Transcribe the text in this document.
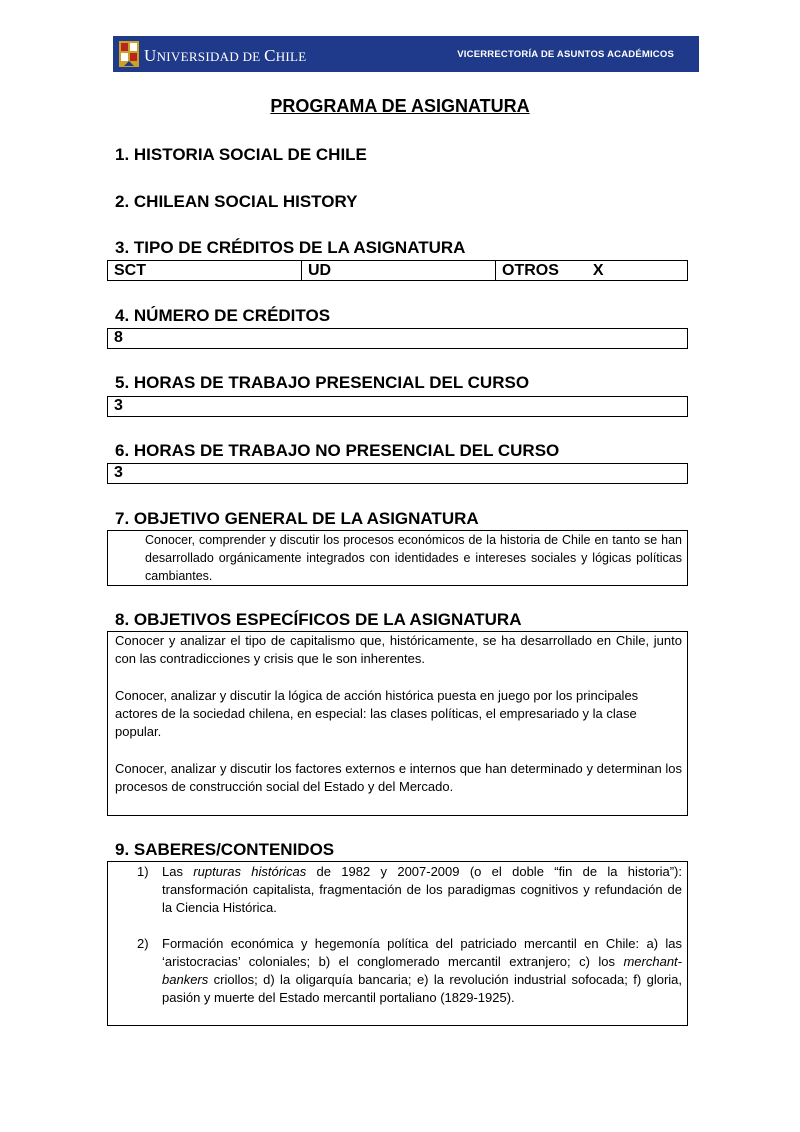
UNIVERSIDAD DE CHILE	VICERRECTORÍA DE ASUNTOS ACADÉMICOS
PROGRAMA DE ASIGNATURA
1. HISTORIA SOCIAL DE CHILE
2. CHILEAN SOCIAL HISTORY
3. TIPO DE CRÉDITOS DE LA ASIGNATURA
SCT	UD	OTROS X
4. NÚMERO DE CRÉDITOS
8
5. HORAS DE TRABAJO PRESENCIAL DEL CURSO
3
6. HORAS DE TRABAJO NO PRESENCIAL DEL CURSO
3
7. OBJETIVO GENERAL DE LA ASIGNATURA
Conocer, comprender y discutir los procesos económicos de la historia de Chile en tanto se han desarrollado orgánicamente integrados con identidades e intereses sociales y lógicas políticas cambiantes.
8. OBJETIVOS ESPECÍFICOS DE LA ASIGNATURA
Conocer y analizar el tipo de capitalismo que, históricamente, se ha desarrollado en Chile, junto con las contradicciones y crisis que le son inherentes.
Conocer, analizar y discutir la lógica de acción histórica puesta en juego por los principales actores de la sociedad chilena, en especial: las clases políticas, el empresariado y la clase popular.
Conocer, analizar y discutir los factores externos e internos que han determinado y determinan los procesos de construcción social del Estado y del Mercado.
9. SABERES/CONTENIDOS
1) Las rupturas históricas de 1982 y 2007-2009 (o el doble “fin de la historia”): transformación capitalista, fragmentación de los paradigmas cognitivos y refundación de la Ciencia Histórica.
2) Formación económica y hegemonía política del patriciado mercantil en Chile: a) las ‘aristocracias’ coloniales; b) el conglomerado mercantil extranjero; c) los merchant-bankers criollos; d) la oligarquía bancaria; e) la revolución industrial sofocada; f) gloria, pasión y muerte del Estado mercantil portaliano (1829-1925).
